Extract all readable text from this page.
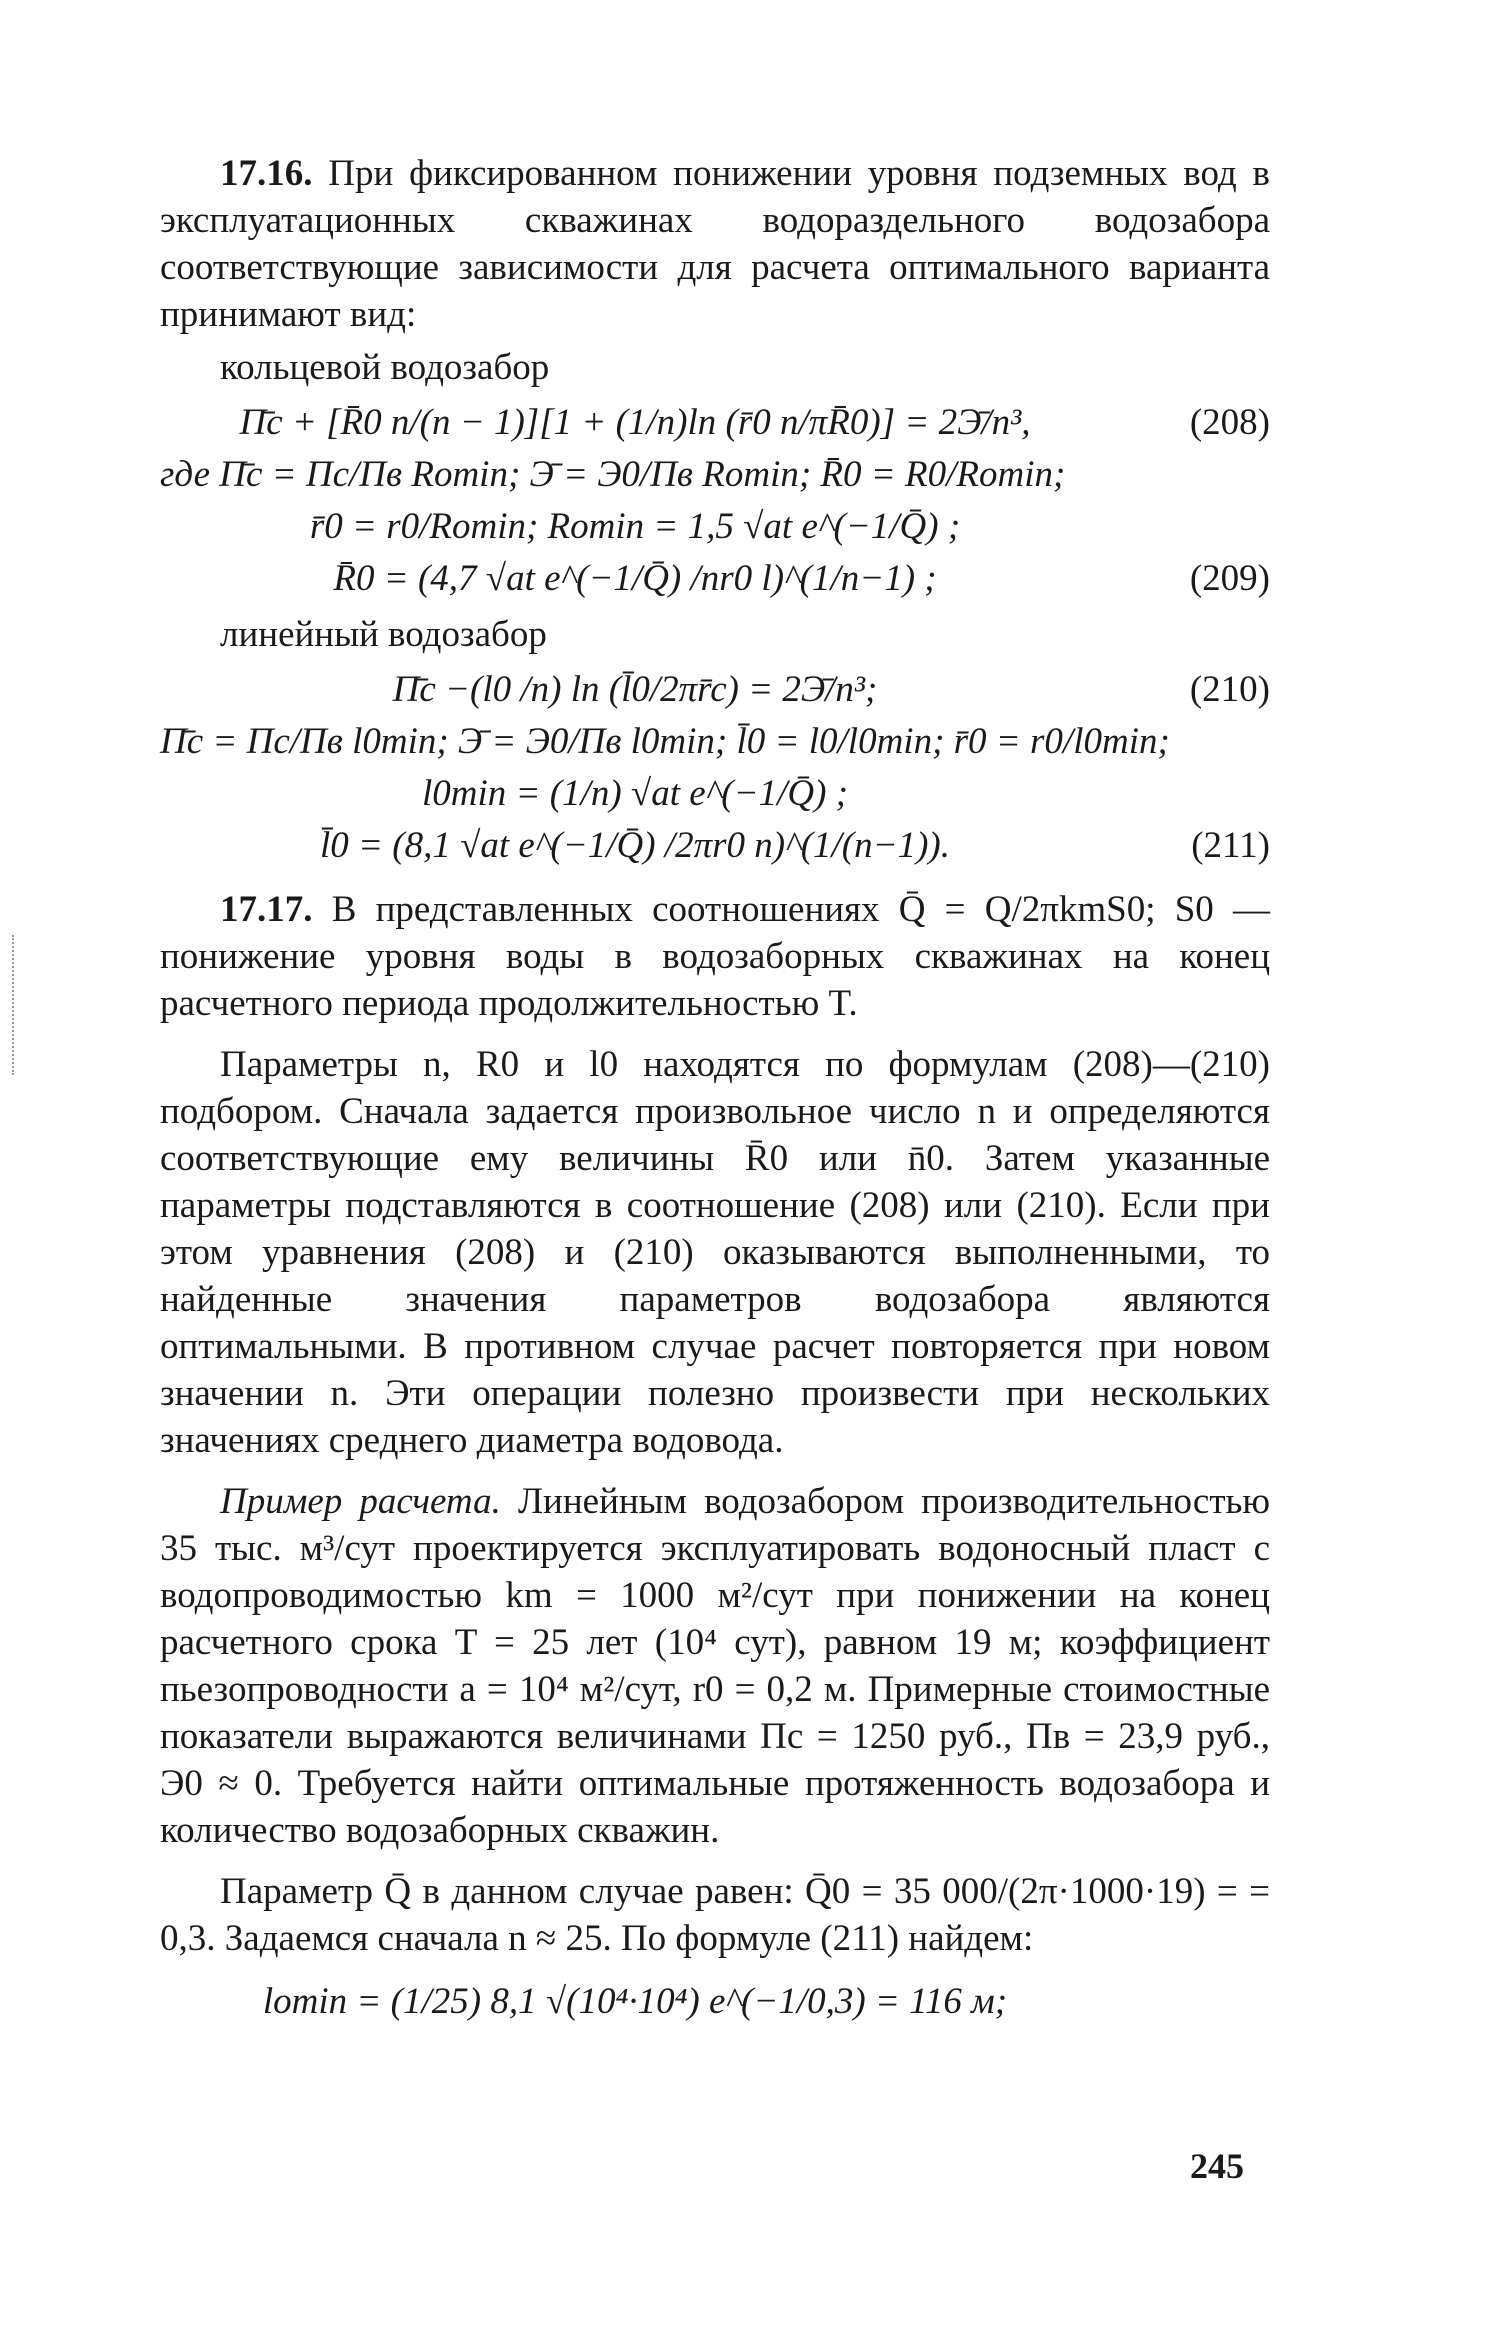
17.16. При фиксированном понижении уровня подземных вод в эксплуатационных скважинах водораздельного водозабора соответствующие зависимости для расчета оптимального варианта принимают вид:

кольцевой водозабор
Π̄c + [R̄0 n/(n − 1)][1 + (1/n)ln (r̄0 n/πR̄0)] = 2Э̄/n³,	(208)
где Π̄c = Πc/Πв Romin; Э̄ = Э0/Πв Romin; R̄0 = R0/Romin;
r̄0 = r0/Romin; Romin = 1,5 √at e^(−1/Q̄) ;
R̄0 = (4,7 √at e^(−1/Q̄) /nr0 l)^(1/n−1) ;	(209)
линейный водозабор
Π̄c −(l0 /n) ln (l̄0/2πr̄c) = 2Э̄/n³;	(210)
Π̄c = Πc/Πв l0min; Э̄ = Э0/Πв l0min; l̄0 = l0/l0min; r̄0 = r0/l0min;
l0min = (1/n) √at e^(−1/Q̄) ;
l̄0 = (8,1 √at e^(−1/Q̄) /2πr0 n)^(1/(n−1)).	(211)

17.17. В представленных соотношениях Q̄ = Q/2πkmS0; S0 — понижение уровня воды в водозаборных скважинах на конец расчетного периода продолжительностью T.

Параметры n, R0 и l0 находятся по формулам (208)—(210) подбором. Сначала задается произвольное число n и определяются соответствующие ему величины R̄0 или n̄0. Затем указанные параметры подставляются в соотношение (208) или (210). Если при этом уравнения (208) и (210) оказываются выполненными, то найденные значения параметров водозабора являются оптимальными. В противном случае расчет повторяется при новом значении n. Эти операции полезно произвести при нескольких значениях среднего диаметра водовода.

Пример расчета. Линейным водозабором производительностью 35 тыс. м³/сут проектируется эксплуатировать водоносный пласт с водопроводимостью km = 1000 м²/сут при понижении на конец расчетного срока T = 25 лет (10⁴ сут), равном 19 м; коэффициент пьезопроводности a = 10⁴ м²/сут, r0 = 0,2 м. Примерные стоимостные показатели выражаются величинами Πc = 1250 руб., Πв = 23,9 руб., Э0 ≈ 0. Требуется найти оптимальные протяженность водозабора и количество водозаборных скважин.

Параметр Q̄ в данном случае равен: Q̄0 = 35 000/(2π·1000·19) = = 0,3. Задаемся сначала n ≈ 25. По формуле (211) найдем:

lomin = (1/25) 8,1 √(10⁴·10⁴) e^(−1/0,3) = 116 м;
245
